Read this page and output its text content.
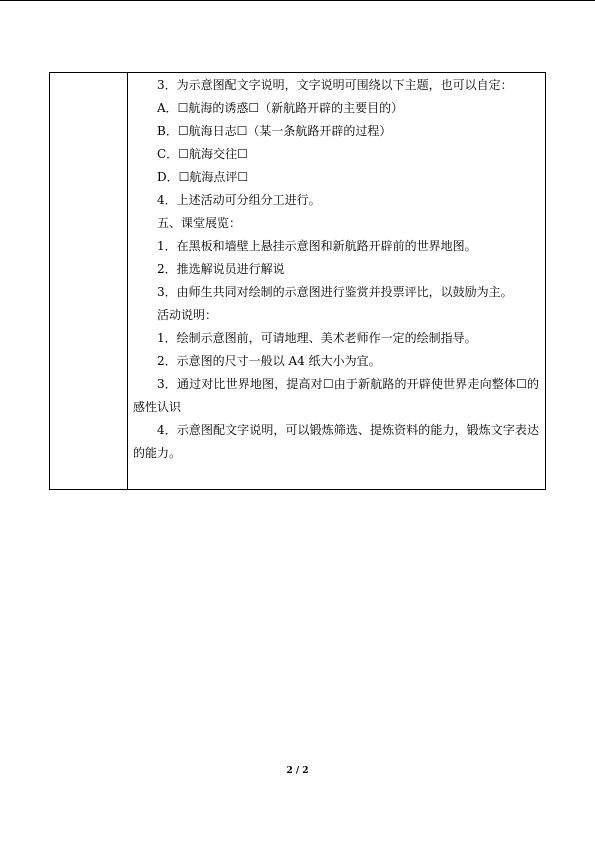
3．为示意图配文字说明，文字说明可围绕以下主题，也可以自定：
A．☐航海的诱惑☐（新航路开辟的主要目的）
B．☐航海日志☐（某一条航路开辟的过程）
C．☐航海交往☐
D．☐航海点评☐
4．上述活动可分组分工进行。
五、课堂展览：
1．在黑板和墙壁上悬挂示意图和新航路开辟前的世界地图。
2．推选解说员进行解说
3．由师生共同对绘制的示意图进行鉴赏并投票评比，以鼓励为主。
活动说明：
1．绘制示意图前，可请地理、美术老师作一定的绘制指导。
2．示意图的尺寸一般以 A4 纸大小为宜。
3．通过对比世界地图，提高对☐由于新航路的开辟使世界走向整体☐的感性认识
4．示意图配文字说明，可以锻炼筛选、提炼资料的能力，锻炼文字表达的能力。
2 / 2
